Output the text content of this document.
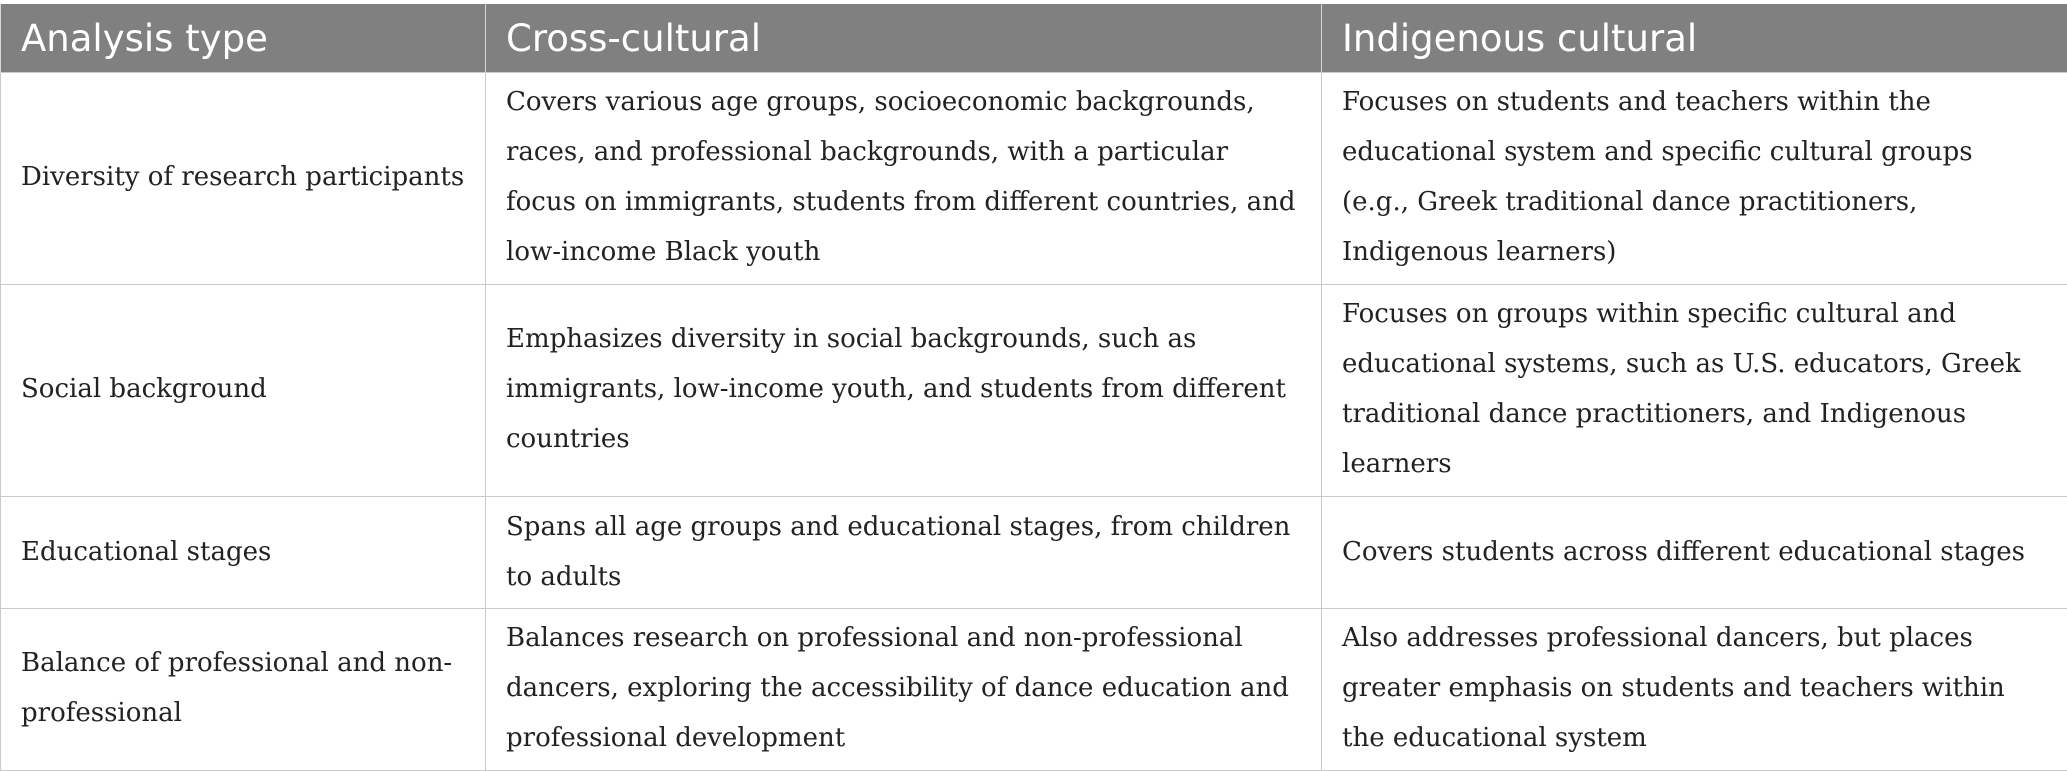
Analysis type	Cross-cultural	Indigenous cultural
Diversity of research participants	Covers various age groups, socioeconomic backgrounds, races, and professional backgrounds, with a particular focus on immigrants, students from different countries, and low-income Black youth	Focuses on students and teachers within the educational system and specific cultural groups (e.g., Greek traditional dance practitioners, Indigenous learners)
Social background	Emphasizes diversity in social backgrounds, such as immigrants, low-income youth, and students from different countries	Focuses on groups within specific cultural and educational systems, such as U.S. educators, Greek traditional dance practitioners, and Indigenous learners
Educational stages	Spans all age groups and educational stages, from children to adults	Covers students across different educational stages
Balance of professional and non-professional	Balances research on professional and non-professional dancers, exploring the accessibility of dance education and professional development	Also addresses professional dancers, but places greater emphasis on students and teachers within the educational system
